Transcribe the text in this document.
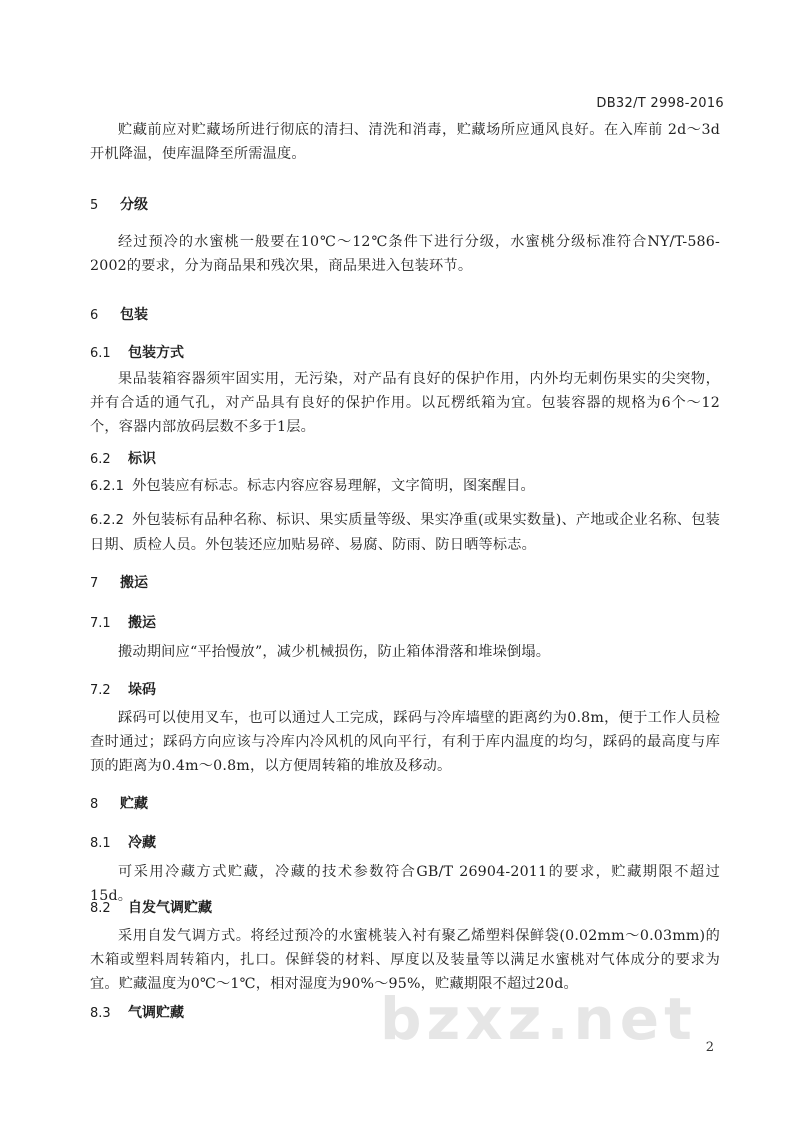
DB32/T 2998-2016

贮藏前应对贮藏场所进行彻底的清扫、清洗和消毒，贮藏场所应通风良好。在入库前 2d～3d 开机降温，使库温降至所需温度。

5 分级

经过预冷的水蜜桃一般要在10℃～12℃条件下进行分级，水蜜桃分级标准符合NY/T-586-2002的要求，分为商品果和残次果，商品果进入包装环节。

6 包装
6.1 包装方式

果品装箱容器须牢固实用，无污染，对产品有良好的保护作用，内外均无刺伤果实的尖突物，并有合适的通气孔，对产品具有良好的保护作用。以瓦楞纸箱为宜。包装容器的规格为6个～12个，容器内部放码层数不多于1层。

6.2 标识

6.2.1 外包装应有标志。标志内容应容易理解，文字简明，图案醒目。

6.2.2 外包装标有品种名称、标识、果实质量等级、果实净重(或果实数量)、产地或企业名称、包装日期、质检人员。外包装还应加贴易碎、易腐、防雨、防日晒等标志。

7 搬运
7.1 搬运

搬动期间应“平抬慢放”，减少机械损伤，防止箱体滑落和堆垛倒塌。

7.2 垛码

踩码可以使用叉车，也可以通过人工完成，踩码与冷库墙壁的距离约为0.8m，便于工作人员检查时通过；踩码方向应该与冷库内冷风机的风向平行，有利于库内温度的均匀，踩码的最高度与库顶的距离为0.4m～0.8m，以方便周转箱的堆放及移动。

8 贮藏
8.1 冷藏

可采用冷藏方式贮藏，冷藏的技术参数符合GB/T 26904-2011的要求，贮藏期限不超过15d。

8.2 自发气调贮藏

采用自发气调方式。将经过预冷的水蜜桃装入衬有聚乙烯塑料保鲜袋(0.02mm～0.03mm)的木箱或塑料周转箱内，扎口。保鲜袋的材料、厚度以及装量等以满足水蜜桃对气体成分的要求为宜。贮藏温度为0℃～1℃，相对湿度为90%～95%，贮藏期限不超过20d。

8.3 气调贮藏	bzxz.net 2
